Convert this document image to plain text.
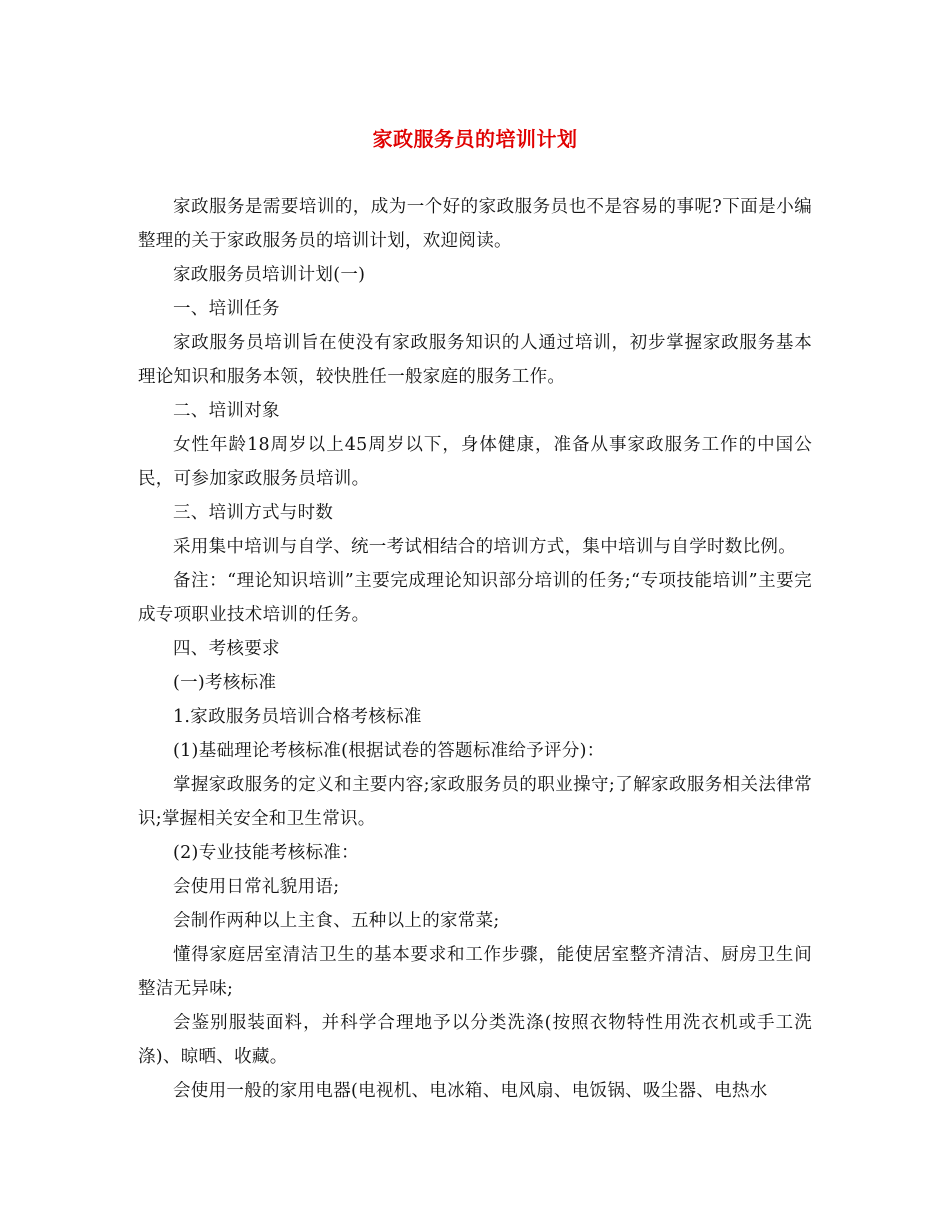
家政服务员的培训计划

家政服务是需要培训的，成为一个好的家政服务员也不是容易的事呢?下面是小编整理的关于家政服务员的培训计划，欢迎阅读。

家政服务员培训计划(一)

一、培训任务

家政服务员培训旨在使没有家政服务知识的人通过培训，初步掌握家政服务基本理论知识和服务本领，较快胜任一般家庭的服务工作。

二、培训对象

女性年龄18周岁以上45周岁以下，身体健康，准备从事家政服务工作的中国公民，可参加家政服务员培训。

三、培训方式与时数

采用集中培训与自学、统一考试相结合的培训方式，集中培训与自学时数比例。

备注：“理论知识培训”主要完成理论知识部分培训的任务;“专项技能培训”主要完成专项职业技术培训的任务。

四、考核要求

(一)考核标准

1.家政服务员培训合格考核标准

(1)基础理论考核标准(根据试卷的答题标准给予评分)：

掌握家政服务的定义和主要内容;家政服务员的职业操守;了解家政服务相关法律常识;掌握相关安全和卫生常识。

(2)专业技能考核标准：

会使用日常礼貌用语;

会制作两种以上主食、五种以上的家常菜;

懂得家庭居室清洁卫生的基本要求和工作步骤，能使居室整齐清洁、厨房卫生间整洁无异味;

会鉴别服装面料，并科学合理地予以分类洗涤(按照衣物特性用洗衣机或手工洗涤)、晾晒、收藏。

会使用一般的家用电器(电视机、电冰箱、电风扇、电饭锅、吸尘器、电热水
